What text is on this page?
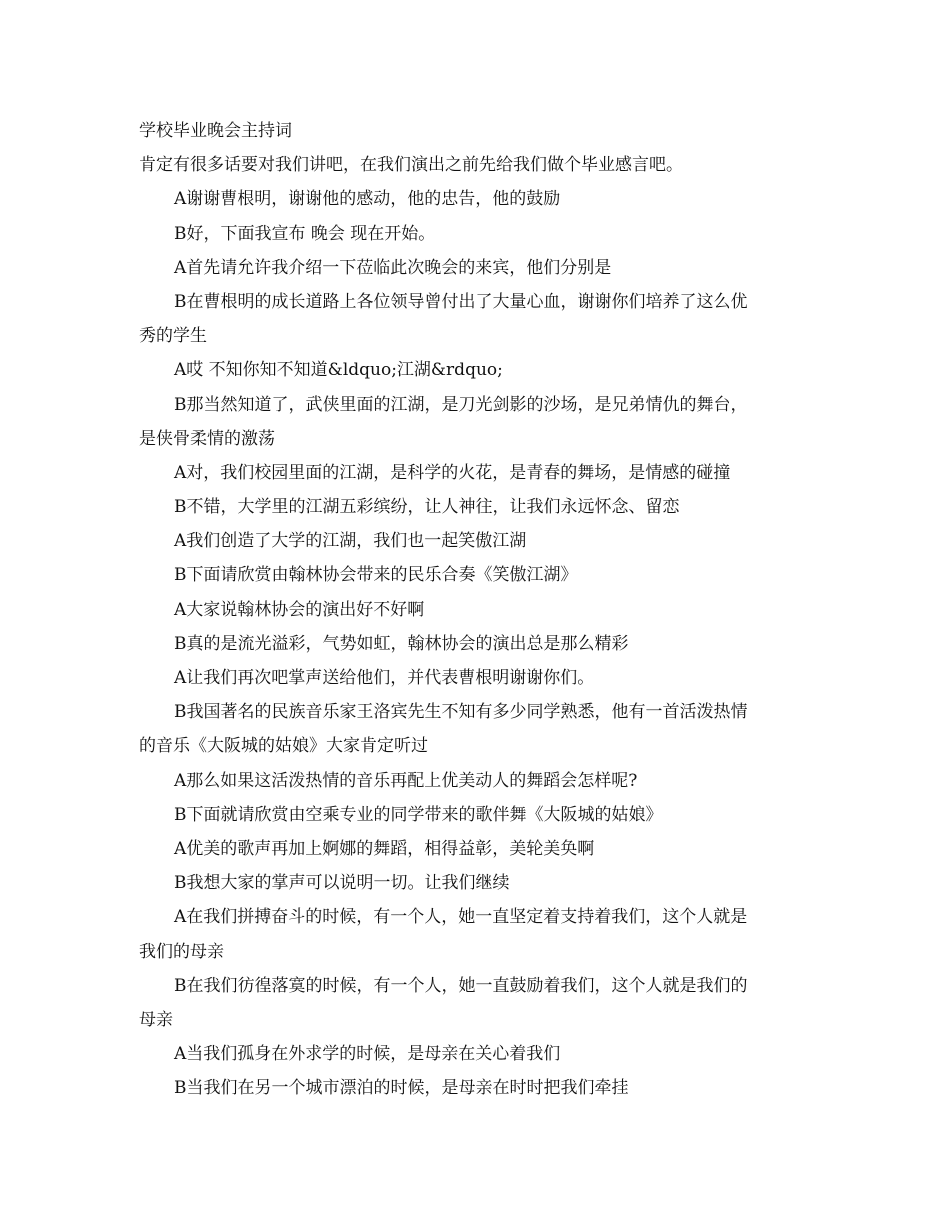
学校毕业晚会主持词
肯定有很多话要对我们讲吧，在我们演出之前先给我们做个毕业感言吧。
A谢谢曹根明，谢谢他的感动，他的忠告，他的鼓励
B好，下面我宣布 晚会 现在开始。
A首先请允许我介绍一下莅临此次晚会的来宾，他们分别是
B在曹根明的成长道路上各位领导曾付出了大量心血，谢谢你们培养了这么优
秀的学生
A哎 不知你知不知道&ldquo;江湖&rdquo;
B那当然知道了，武侠里面的江湖，是刀光剑影的沙场，是兄弟情仇的舞台，
是侠骨柔情的激荡
A对，我们校园里面的江湖，是科学的火花，是青春的舞场，是情感的碰撞
B不错，大学里的江湖五彩缤纷，让人神往，让我们永远怀念、留恋
A我们创造了大学的江湖，我们也一起笑傲江湖
B下面请欣赏由翰林协会带来的民乐合奏《笑傲江湖》
A大家说翰林协会的演出好不好啊
B真的是流光溢彩，气势如虹，翰林协会的演出总是那么精彩
A让我们再次吧掌声送给他们，并代表曹根明谢谢你们。
B我国著名的民族音乐家王洛宾先生不知有多少同学熟悉，他有一首活泼热情
的音乐《大阪城的姑娘》大家肯定听过
A那么如果这活泼热情的音乐再配上优美动人的舞蹈会怎样呢?
B下面就请欣赏由空乘专业的同学带来的歌伴舞《大阪城的姑娘》
A优美的歌声再加上婀娜的舞蹈，相得益彰，美轮美奂啊
B我想大家的掌声可以说明一切。让我们继续
A在我们拼搏奋斗的时候，有一个人，她一直坚定着支持着我们，这个人就是
我们的母亲
B在我们彷徨落寞的时候，有一个人，她一直鼓励着我们，这个人就是我们的
母亲
A当我们孤身在外求学的时候，是母亲在关心着我们
B当我们在另一个城市漂泊的时候，是母亲在时时把我们牵挂
